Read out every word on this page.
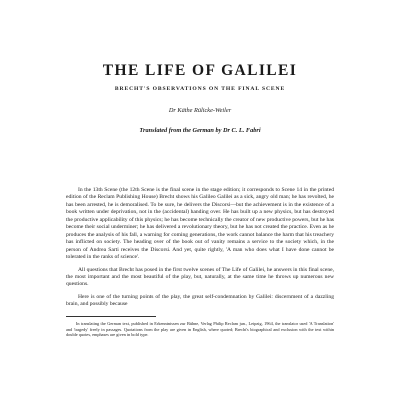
THE LIFE OF GALILEI
BRECHT'S OBSERVATIONS ON THE FINAL SCENE
Dr Käthe Rülicke-Weiler
Translated from the German by Dr C. L. Fabri

In the 13th Scene (the 12th Scene is the final scene in the stage edition; it corresponds to Scene 14 in the printed edition of the Reclam Publishing House) Brecht shows his Galileo Galilei as a sick, angry old man; he has revolted, he has been arrested, he is demoralised. To be sure, he delivers the Discorsi—but the achievement is in the existence of a book written under deprivation, not in the (accidental) handing over. He has built up a new physics, but has destroyed the productive applicability of this physics; he has become technically the creator of new productive powers, but he has become their social underminer; he has delivered a revolutionary theory, but he has not created the practice. Even as he produces the analysis of his fall, a warning for coming generations, the work cannot balance the harm that his treachery has inflicted on society. The heading over of the book out of vanity remains a service to the society which, in the person of Andrea Sarti receives the Discorsi. And yet, quite rightly, 'A man who does what I have done cannot be tolerated in the ranks of science'.

All questions that Brecht has posed in the first twelve scenes of The Life of Galilei, he answers in this final scene, the most important and the most beautiful of the play, but, naturally, at the same time he throws up numerous new questions.

Here is one of the turning points of the play, the great self-condemnation by Galilei: discernment of a dazzling brain, and possibly because

In translating the German text, published in Erkenntnissen zur Bühne, Verlag Philip Reclam jun., Leipzig, 1964, the translator used 'A Translation' and 'tragedy' freely in passages. Quotations from the play are given in English, where quoted; Brecht's biographical and exclusion with the text within double quotes, emphases are given in bold type.
